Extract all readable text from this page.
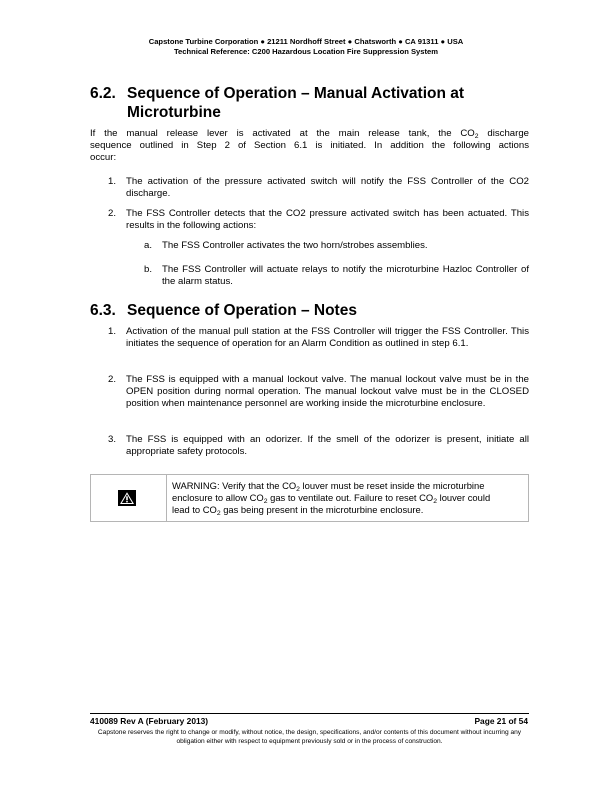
Capstone Turbine Corporation ● 21211 Nordhoff Street ● Chatsworth ● CA 91311 ● USA
Technical Reference: C200 Hazardous Location Fire Suppression System
6.2. Sequence of Operation – Manual Activation at
Microturbine
If the manual release lever is activated at the main release tank, the $CO_2$ discharge
sequence outlined in Step 2 of Section 6.1 is initiated. In addition the following actions
occur:
1. The activation of the pressure activated switch will notify the FSS Controller of the CO2 discharge.
2. The FSS Controller detects that the CO2 pressure activated switch has been actuated. This results in the following actions:
a. The FSS Controller activates the two horn/strobes assemblies.
b. The FSS Controller will actuate relays to notify the microturbine Hazloc Controller of the alarm status.
6.3. Sequence of Operation – Notes
1. Activation of the manual pull station at the FSS Controller will trigger the FSS Controller. This initiates the sequence of operation for an Alarm Condition as outlined in step 6.1.
2. The FSS is equipped with a manual lockout valve. The manual lockout valve must be in the OPEN position during normal operation. The manual lockout valve must be in the CLOSED position when maintenance personnel are working inside the microturbine enclosure.
3. The FSS is equipped with an odorizer. If the smell of the odorizer is present, initiate all appropriate safety protocols.
WARNING: Verify that the $CO_2$ louver must be reset inside the microturbine
enclosure to allow $CO_2$ gas to ventilate out. Failure to reset $CO_2$ louver could
lead to $CO_2$ gas being present in the microturbine enclosure.
410089 Rev A (February 2013)	Page 21 of 54
Capstone reserves the right to change or modify, without notice, the design, specifications, and/or contents of this document without incurring any obligation either with respect to equipment previously sold or in the process of construction.
